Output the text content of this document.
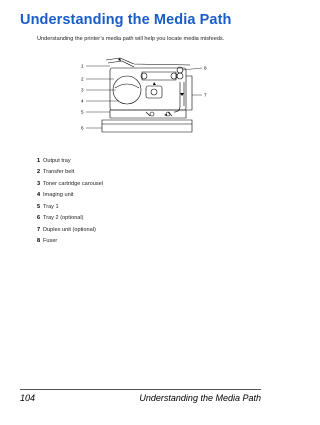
Understanding the Media Path
Understanding the printer’s media path will help you locate media misfeeds.
1
2
3
4
5
6
7
8
1 Output tray
2 Transfer belt
3 Toner cartridge carousel
4 Imaging unit
5 Tray 1
6 Tray 2 (optional)
7 Duplex unit (optional)
8 Fuser
104	Understanding the Media Path
